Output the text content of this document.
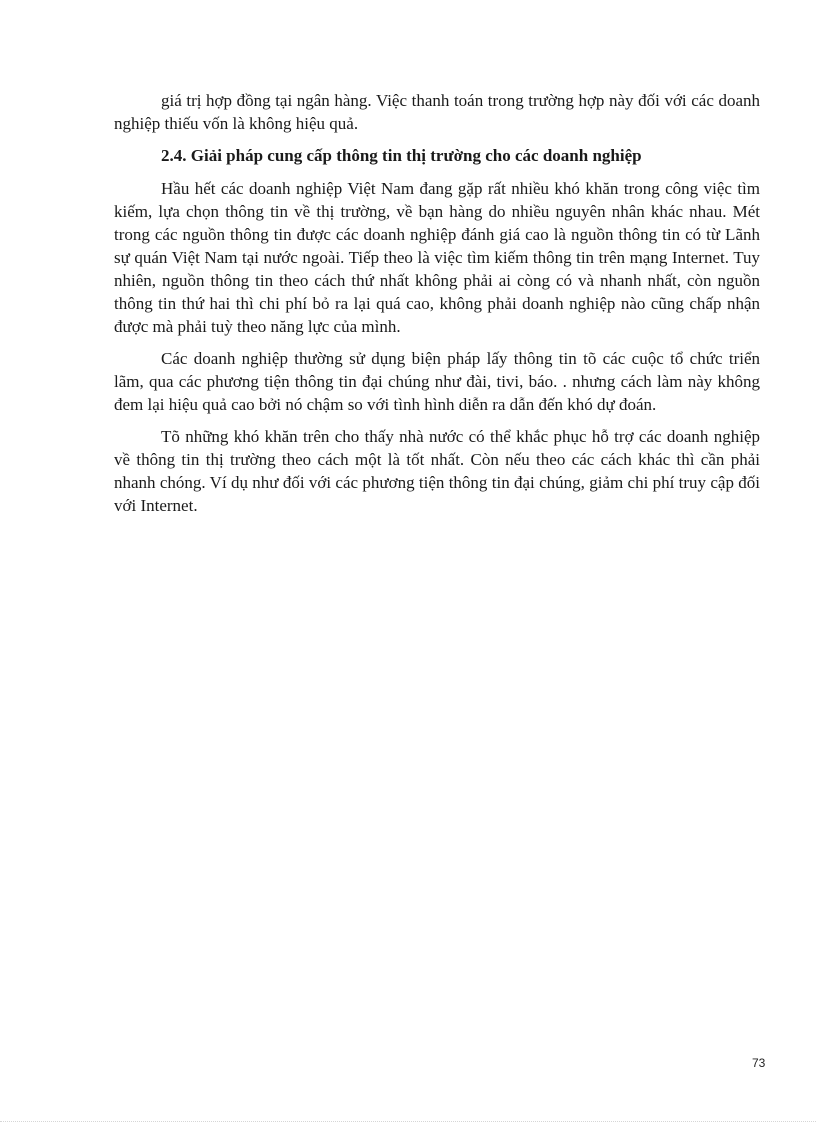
giá trị hợp đồng tại ngân hàng. Việc thanh toán trong trường hợp này đối với các doanh nghiệp thiếu vốn là không hiệu quả.

2.4. Giải pháp cung cấp thông tin thị trường cho các doanh nghiệp

Hầu hết các doanh nghiệp Việt Nam đang gặp rất nhiều khó khăn trong công việc tìm kiếm, lựa chọn thông tin về thị trường, về bạn hàng do nhiều nguyên nhân khác nhau. Mét trong các nguồn thông tin được các doanh nghiệp đánh giá cao là nguồn thông tin có từ Lãnh sự quán Việt Nam tại nước ngoài. Tiếp theo là việc tìm kiếm thông tin trên mạng Internet. Tuy nhiên, nguồn thông tin theo cách thứ nhất không phải ai còng có và nhanh nhất, còn nguồn thông tin thứ hai thì chi phí bỏ ra lại quá cao, không phải doanh nghiệp nào cũng chấp nhận được mà phải tuỳ theo năng lực của mình.

Các doanh nghiệp thường sử dụng biện pháp lấy thông tin tõ các cuộc tổ chức triển lãm, qua các phương tiện thông tin đại chúng như đài, tivi, báo. . nhưng cách làm này không đem lại hiệu quả cao bởi nó chậm so với tình hình diễn ra dẫn đến khó dự đoán.

Tõ những khó khăn trên cho thấy nhà nước có thể khắc phục hỗ trợ các doanh nghiệp về thông tin thị trường theo cách một là tốt nhất. Còn nếu theo các cách khác thì cần phải nhanh chóng. Ví dụ như đối với các phương tiện thông tin đại chúng, giảm chi phí truy cập đối với Internet.

73
